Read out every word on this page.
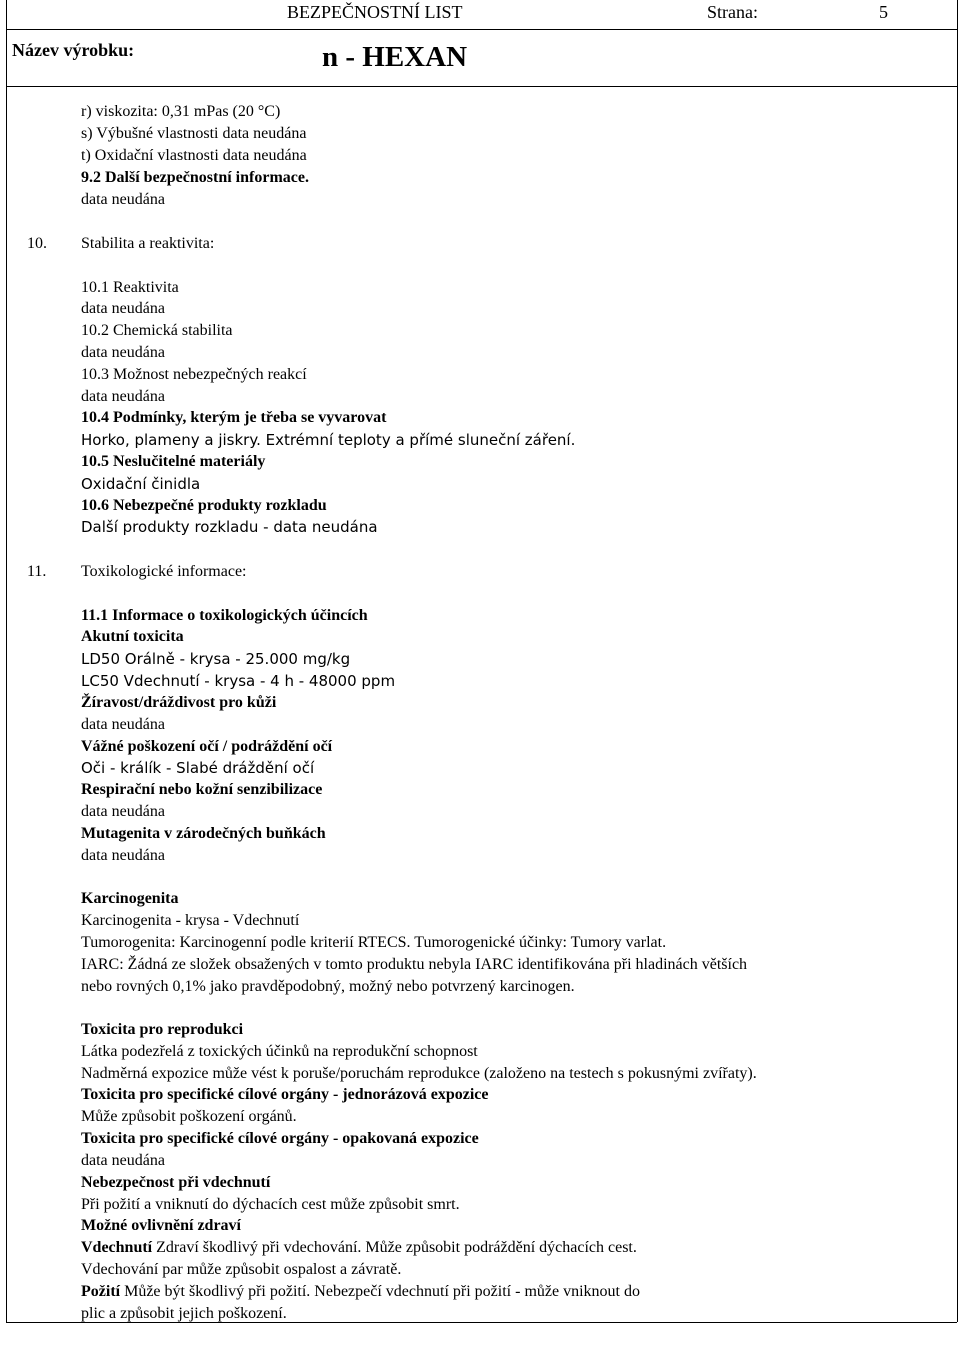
BEZPEČNOSTNÍ LIST	Strana:	5
Název výrobku:	n - HEXAN
r) viskozita: 0,31 mPas (20 °C)
s) Výbušné vlastnosti data neudána
t) Oxidační vlastnosti data neudána
9.2 Další bezpečnostní informace.
data neudána
10. Stabilita a reaktivita:
10.1 Reaktivita
data neudána
10.2 Chemická stabilita
data neudána
10.3 Možnost nebezpečných reakcí
data neudána
10.4 Podmínky, kterým je třeba se vyvarovat
Horko, plameny a jiskry. Extrémní teploty a přímé sluneční záření.
10.5 Neslučitelné materiály
Oxidační činidla
10.6 Nebezpečné produkty rozkladu
Další produkty rozkladu - data neudána
11. Toxikologické informace:
11.1 Informace o toxikologických účincích
Akutní toxicita
LD50 Orálně - krysa - 25.000 mg/kg
LC50 Vdechnutí - krysa - 4 h - 48000 ppm
Žíravost/dráždivost pro kůži
data neudána
Vážné poškození očí / podráždění očí
Oči - králík - Slabé dráždění očí
Respirační nebo kožní senzibilizace
data neudána
Mutagenita v zárodečných buňkách
data neudána
Karcinogenita
Karcinogenita - krysa - Vdechnutí
Tumorogenita: Karcinogenní podle kriterií RTECS. Tumorogenické účinky: Tumory varlat.
IARC: Žádná ze složek obsažených v tomto produktu nebyla IARC identifikována při hladinách větších
nebo rovných 0,1% jako pravděpodobný, možný nebo potvrzený karcinogen.
Toxicita pro reprodukci
Látka podezřelá z toxických účinků na reprodukční schopnost
Nadměrná expozice může vést k poruše/poruchám reprodukce (založeno na testech s pokusnými zvířaty).
Toxicita pro specifické cílové orgány - jednorázová expozice
Může způsobit poškození orgánů.
Toxicita pro specifické cílové orgány - opakovaná expozice
data neudána
Nebezpečnost při vdechnutí
Při požití a vniknutí do dýchacích cest může způsobit smrt.
Možné ovlivnění zdraví
Vdechnutí Zdraví škodlivý při vdechování. Může způsobit podráždění dýchacích cest.
Vdechování par může způsobit ospalost a závratě.
Požití Může být škodlivý při požití. Nebezpečí vdechnutí při požití - může vniknout do
plic a způsobit jejich poškození.
